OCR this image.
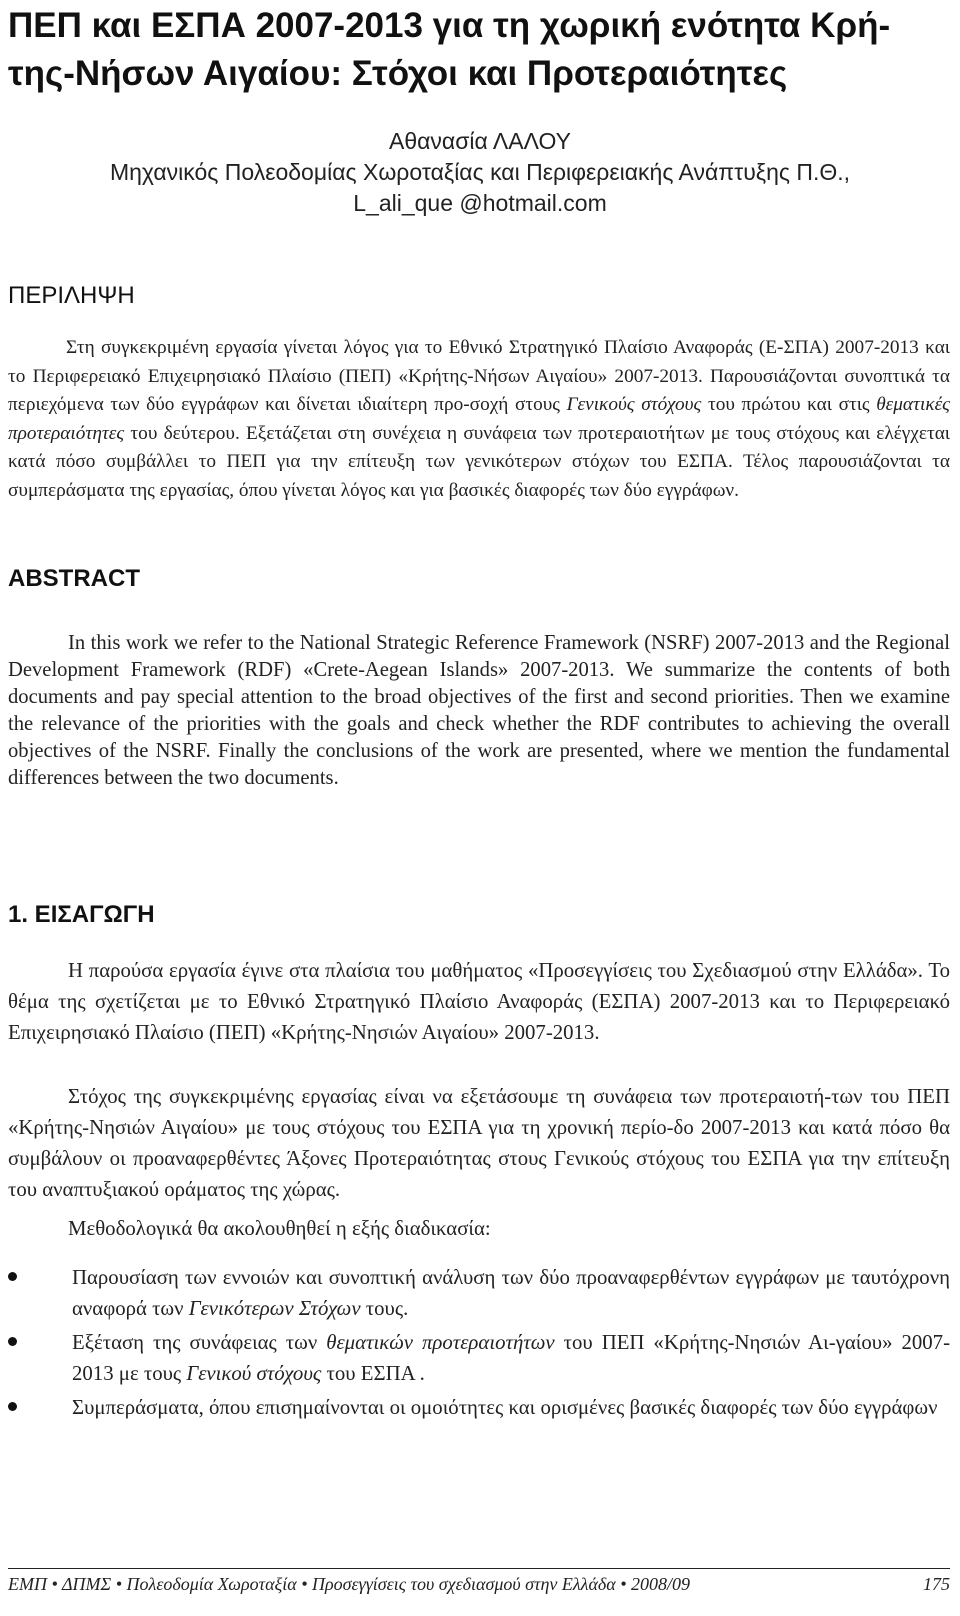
ΠΕΠ και ΕΣΠΑ 2007-2013 για τη χωρική ενότητα Κρή-της-Νήσων Αιγαίου: Στόχοι και Προτεραιότητες
Αθανασία ΛΑΛΟΥ
Μηχανικός Πολεοδομίας Χωροταξίας και Περιφερειακής Ανάπτυξης Π.Θ.,
L_ali_que @hotmail.com
ΠΕΡΙΛΗΨΗ
Στη συγκεκριμένη εργασία γίνεται λόγος για το Εθνικό Στρατηγικό Πλαίσιο Αναφοράς (Ε-ΣΠΑ) 2007-2013 και το Περιφερειακό Επιχειρησιακό Πλαίσιο (ΠΕΠ) «Κρήτης-Νήσων Αιγαίου» 2007-2013. Παρουσιάζονται συνοπτικά τα περιεχόμενα των δύο εγγράφων και δίνεται ιδιαίτερη προ-σοχή στους Γενικούς στόχους του πρώτου και στις θεματικές προτεραιότητες του δεύτερου. Εξετάζεται στη συνέχεια η συνάφεια των προτεραιοτήτων με τους στόχους και ελέγχεται κατά πόσο συμβάλλει το ΠΕΠ για την επίτευξη των γενικότερων στόχων του ΕΣΠΑ. Τέλος παρουσιάζονται τα συμπεράσματα της εργασίας, όπου γίνεται λόγος και για βασικές διαφορές των δύο εγγράφων.
ABSTRACT
In this work we refer to the National Strategic Reference Framework (NSRF) 2007-2013 and the Regional Development Framework (RDF) «Crete-Aegean Islands» 2007-2013. We summarize the contents of both documents and pay special attention to the broad objectives of the first and second priorities. Then we examine the relevance of the priorities with the goals and check whether the RDF contributes to achieving the overall objectives of the NSRF. Finally the conclusions of the work are presented, where we mention the fundamental differences between the two documents.
1. ΕΙΣΑΓΩΓΗ
Η παρούσα εργασία έγινε στα πλαίσια του μαθήματος «Προσεγγίσεις του Σχεδιασμού στην Ελλάδα». Το θέμα της σχετίζεται με το Εθνικό Στρατηγικό Πλαίσιο Αναφοράς (ΕΣΠΑ) 2007-2013 και το Περιφερειακό Επιχειρησιακό Πλαίσιο (ΠΕΠ) «Κρήτης-Νησιών Αιγαίου» 2007-2013.
Στόχος της συγκεκριμένης εργασίας είναι να εξετάσουμε τη συνάφεια των προτεραιοτή-των του ΠΕΠ «Κρήτης-Νησιών Αιγαίου» με τους στόχους του ΕΣΠΑ για τη χρονική περίο-δο 2007-2013 και κατά πόσο θα συμβάλουν οι προαναφερθέντες Άξονες Προτεραιότητας στους Γενικούς στόχους του ΕΣΠΑ για την επίτευξη του αναπτυξιακού οράματος της χώρας.
Μεθοδολογικά θα ακολουθηθεί η εξής διαδικασία:
Παρουσίαση των εννοιών και συνοπτική ανάλυση των δύο προαναφερθέντων εγγράφων με ταυτόχρονη αναφορά των Γενικότερων Στόχων τους.
Εξέταση της συνάφειας των θεματικών προτεραιοτήτων του ΠΕΠ «Κρήτης-Νησιών Αι-γαίου» 2007-2013 με τους Γενικού στόχους του ΕΣΠΑ .
Συμπεράσματα, όπου επισημαίνονται οι ομοιότητες και ορισμένες βασικές διαφορές των δύο εγγράφων
ΕΜΠ • ΔΠΜΣ • Πολεοδομία Χωροταξία • Προσεγγίσεις του σχεδιασμού στην Ελλάδα • 2008/09	175
